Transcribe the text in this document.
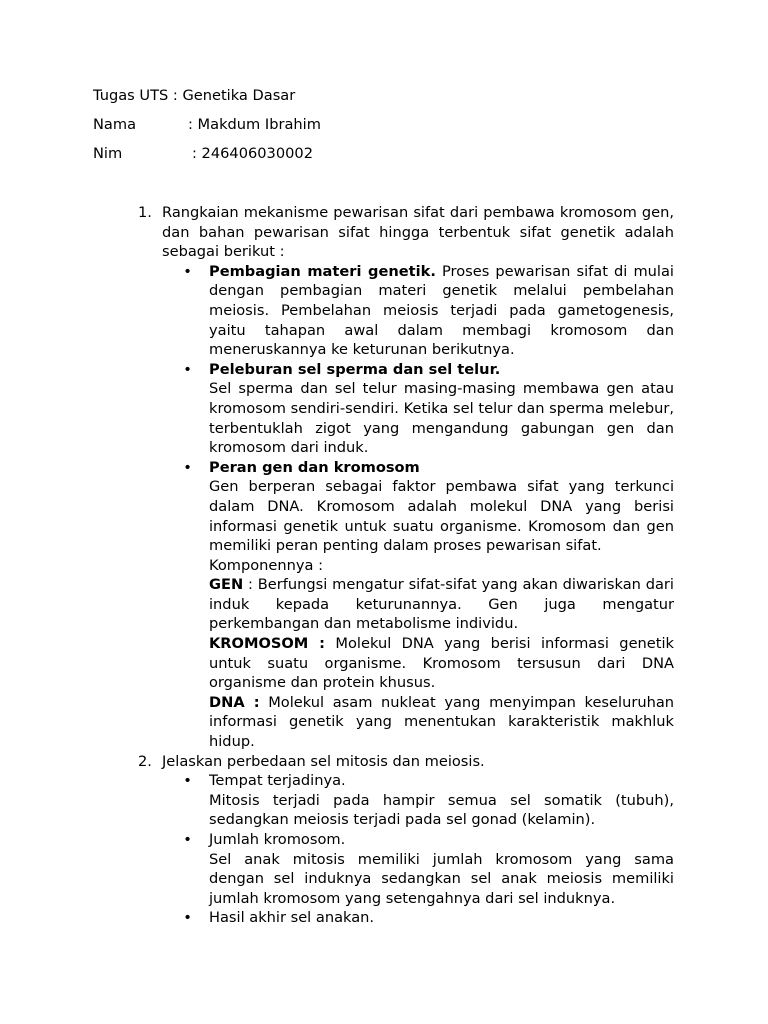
Tugas UTS : Genetika Dasar
Nama	: Makdum Ibrahim
Nim	: 246406030002
1. Rangkaian mekanisme pewarisan sifat dari pembawa kromosom gen, dan bahan pewarisan sifat hingga terbentuk sifat genetik adalah sebagai berikut :
•	Pembagian materi genetik. Proses pewarisan sifat di mulai dengan pembagian materi genetik melalui pembelahan meiosis. Pembelahan meiosis terjadi pada gametogenesis, yaitu tahapan awal dalam membagi kromosom dan meneruskannya ke keturunan berikutnya.
•	Peleburan sel sperma dan sel telur.
Sel sperma dan sel telur masing-masing membawa gen atau kromosom sendiri-sendiri. Ketika sel telur dan sperma melebur, terbentuklah zigot yang mengandung gabungan gen dan kromosom dari induk.
•	Peran gen dan kromosom
Gen berperan sebagai faktor pembawa sifat yang terkunci dalam DNA. Kromosom adalah molekul DNA yang berisi informasi genetik untuk suatu organisme. Kromosom dan gen memiliki peran penting dalam proses pewarisan sifat.
Komponennya :
GEN : Berfungsi mengatur sifat-sifat yang akan diwariskan dari induk kepada keturunannya. Gen juga mengatur perkembangan dan metabolisme individu.
KROMOSOM : Molekul DNA yang berisi informasi genetik untuk suatu organisme. Kromosom tersusun dari DNA organisme dan protein khusus.
DNA : Molekul asam nukleat yang menyimpan keseluruhan informasi genetik yang menentukan karakteristik makhluk hidup.
2. Jelaskan perbedaan sel mitosis dan meiosis.
•	Tempat terjadinya.
Mitosis terjadi pada hampir semua sel somatik (tubuh), sedangkan meiosis terjadi pada sel gonad (kelamin).
•	Jumlah kromosom.
Sel anak mitosis memiliki jumlah kromosom yang sama dengan sel induknya sedangkan sel anak meiosis memiliki jumlah kromosom yang setengahnya dari sel induknya.
•	Hasil akhir sel anakan.
